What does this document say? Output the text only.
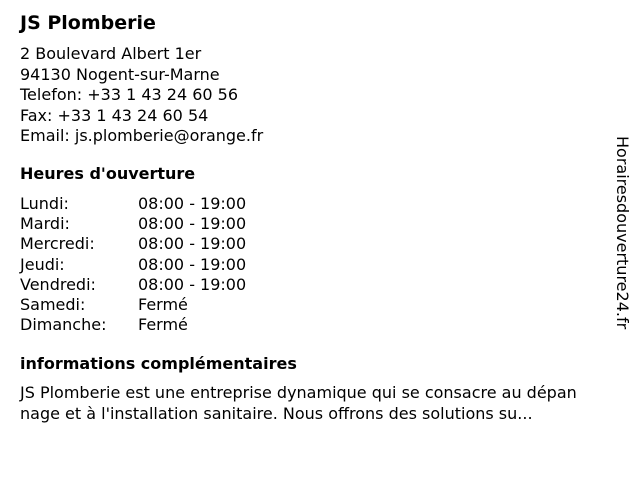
JS Plomberie
2 Boulevard Albert 1er
94130 Nogent-sur-Marne
Telefon: +33 1 43 24 60 56
Fax: +33 1 43 24 60 54
Email: js.plomberie@orange.fr
Heures d'ouverture
Lundi:	08:00 - 19:00
Mardi:	08:00 - 19:00
Mercredi:	08:00 - 19:00
Jeudi:	08:00 - 19:00
Vendredi:	08:00 - 19:00
Samedi:	Fermé
Dimanche: Fermé
informations complémentaires
JS Plomberie est une entreprise dynamique qui se consacre au dépannage et à l'installation sanitaire. Nous offrons des solutions su...
Horairesdouverture24.fr
